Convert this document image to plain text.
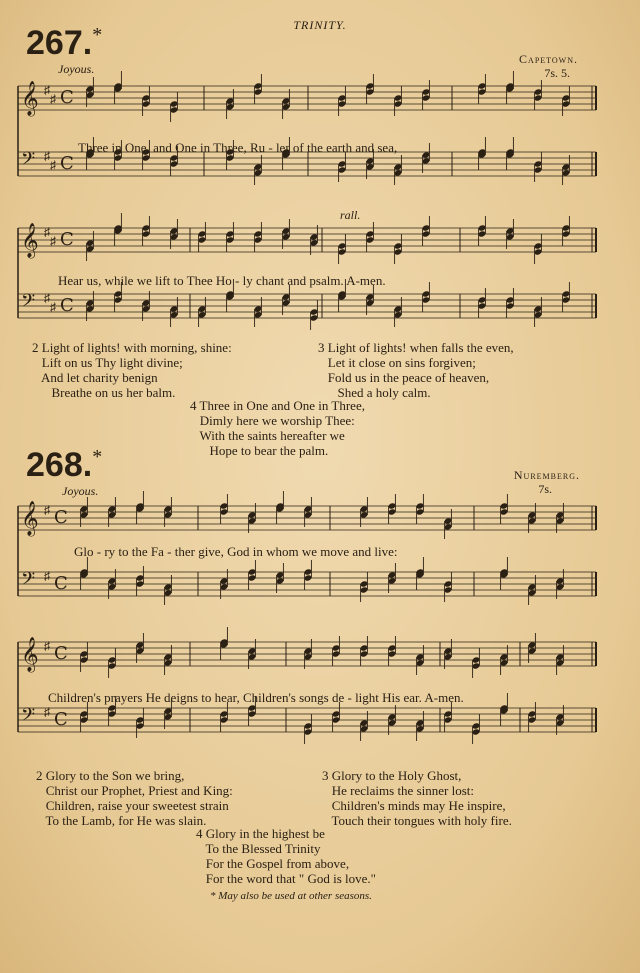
TRINITY.
267.*
Joyous.
Capetown.
7s. 5.
𝄞 ♯
♯ C
𝄢 ♯
♯ C
Three in One, and One in Three, Ru - ler of the earth and sea,
rall.
𝄞 ♯
♯ C
𝄢 ♯
♯ C
Hear us, while we lift to Thee Ho - ly chant and psalm. A-men.
2 Light of lights! with morning, shine:
Lift on us Thy light divine;
And let charity benign
Breathe on us her balm.
3 Light of lights! when falls the even,
Let it close on sins forgiven;
Fold us in the peace of heaven,
Shed a holy calm.
4 Three in One and One in Three,
Dimly here we worship Thee:
With the saints hereafter we
Hope to bear the palm.
268.*
Joyous.
Nuremberg.
7s.
𝄞 ♯ C
𝄢 ♯ C
Glo - ry to the Fa - ther give, God in whom we move and live:
𝄞 ♯ C
𝄢 ♯ C
Children's prayers He deigns to hear, Children's songs de - light His ear. A-men.
2 Glory to the Son we bring,
Christ our Prophet, Priest and King:
Children, raise your sweetest strain
To the Lamb, for He was slain.
3 Glory to the Holy Ghost,
He reclaims the sinner lost:
Children's minds may He inspire,
Touch their tongues with holy fire.
4 Glory in the highest be
To the Blessed Trinity
For the Gospel from above,
For the word that " God is love."
* May also be used at other seasons.
